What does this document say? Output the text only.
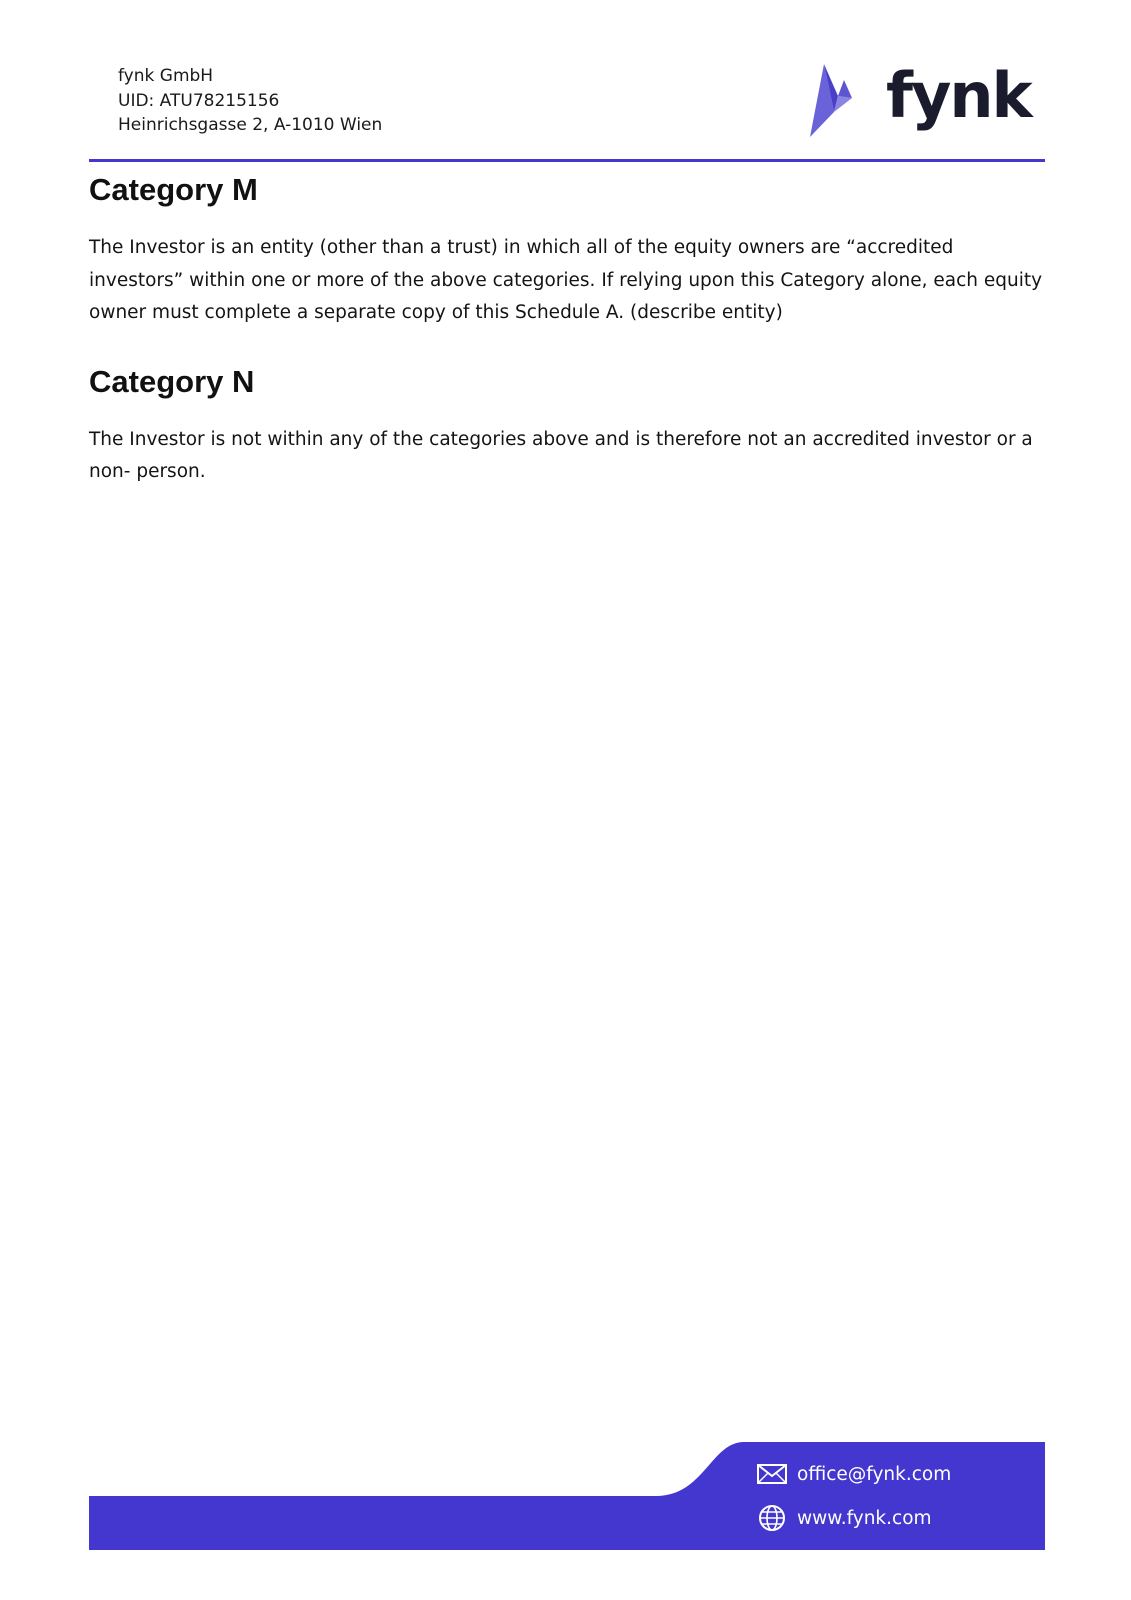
fynk GmbH
UID: ATU78215156
Heinrichsgasse 2, A-1010 Wien	fynk
Category M

The Investor is an entity (other than a trust) in which all of the equity owners are “accredited investors” within one or more of the above categories. If relying upon this Category alone, each equity owner must complete a separate copy of this Schedule A. (describe entity)

Category N

The Investor is not within any of the categories above and is therefore not an accredited investor or a non- person.

office@fynk.com
www.fynk.com
